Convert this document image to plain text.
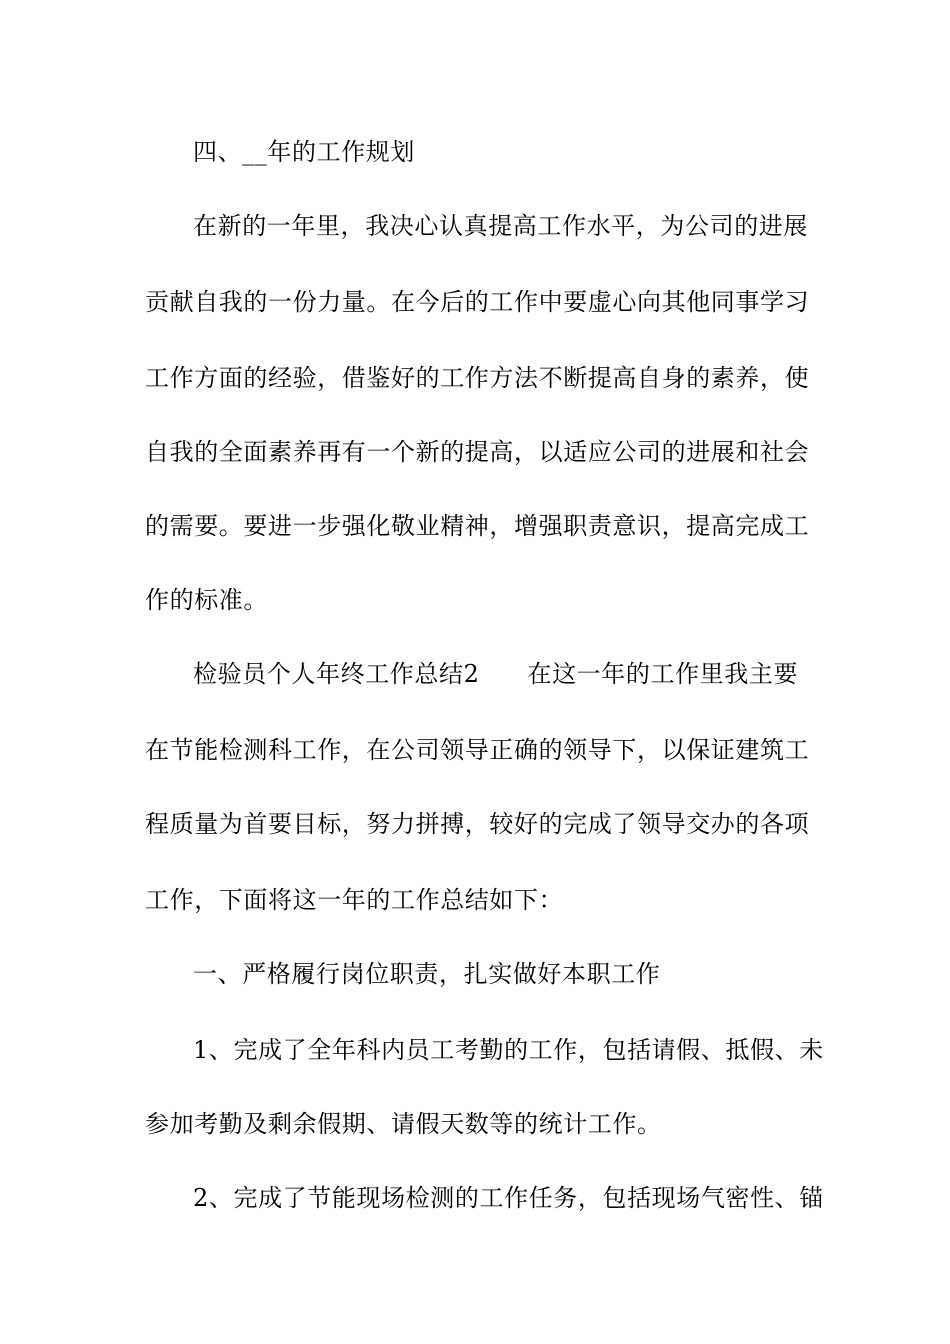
四、__年的工作规划
在新的一年里，我决心认真提高工作水平，为公司的进展
贡献自我的一份力量。在今后的工作中要虚心向其他同事学习
工作方面的经验，借鉴好的工作方法不断提高自身的素养，使
自我的全面素养再有一个新的提高，以适应公司的进展和社会
的需要。要进一步强化敬业精神，增强职责意识，提高完成工
作的标准。
检验员个人年终工作总结2 在这一年的工作里我主要
在节能检测科工作，在公司领导正确的领导下，以保证建筑工
程质量为首要目标，努力拼搏，较好的完成了领导交办的各项
工作，下面将这一年的工作总结如下：
一、严格履行岗位职责，扎实做好本职工作
1、完成了全年科内员工考勤的工作，包括请假、抵假、未
参加考勤及剩余假期、请假天数等的统计工作。
2、完成了节能现场检测的工作任务，包括现场气密性、锚
